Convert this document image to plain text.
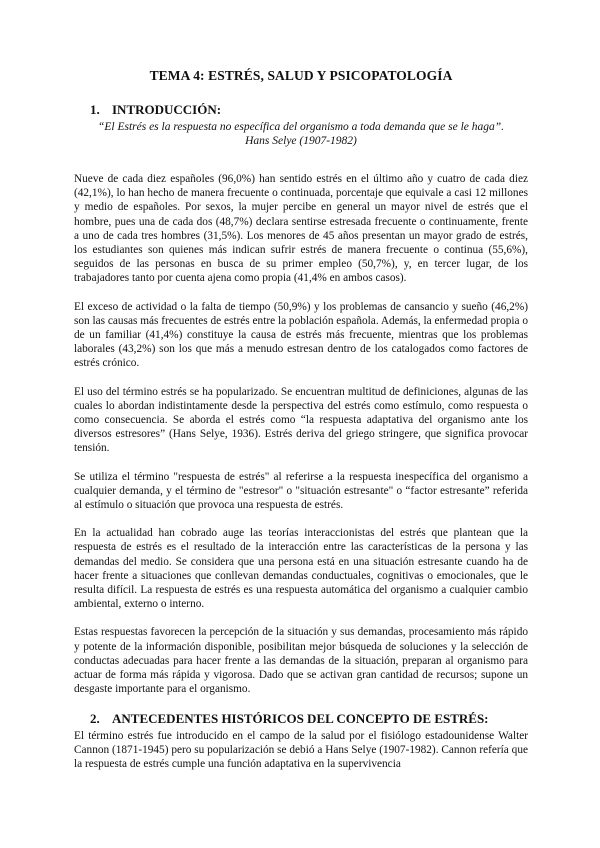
TEMA 4: ESTRÉS, SALUD Y PSICOPATOLOGÍA
1. INTRODUCCIÓN:
“El Estrés es la respuesta no específica del organismo a toda demanda que se le haga”.
Hans Selye (1907-1982)

Nueve de cada diez españoles (96,0%) han sentido estrés en el último año y cuatro de cada diez (42,1%), lo han hecho de manera frecuente o continuada, porcentaje que equivale a casi 12 millones y medio de españoles. Por sexos, la mujer percibe en general un mayor nivel de estrés que el hombre, pues una de cada dos (48,7%) declara sentirse estresada frecuente o continuamente, frente a uno de cada tres hombres (31,5%). Los menores de 45 años presentan un mayor grado de estrés, los estudiantes son quienes más indican sufrir estrés de manera frecuente o continua (55,6%), seguidos de las personas en busca de su primer empleo (50,7%), y, en tercer lugar, de los trabajadores tanto por cuenta ajena como propia (41,4% en ambos casos).

El exceso de actividad o la falta de tiempo (50,9%) y los problemas de cansancio y sueño (46,2%) son las causas más frecuentes de estrés entre la población española. Además, la enfermedad propia o de un familiar (41,4%) constituye la causa de estrés más frecuente, mientras que los problemas laborales (43,2%) son los que más a menudo estresan dentro de los catalogados como factores de estrés crónico.

El uso del término estrés se ha popularizado. Se encuentran multitud de definiciones, algunas de las cuales lo abordan indistintamente desde la perspectiva del estrés como estímulo, como respuesta o como consecuencia. Se aborda el estrés como “la respuesta adaptativa del organismo ante los diversos estresores” (Hans Selye, 1936). Estrés deriva del griego stringere, que significa provocar tensión.

Se utiliza el término "respuesta de estrés" al referirse a la respuesta inespecífica del organismo a cualquier demanda, y el término de "estresor" o "situación estresante" o “factor estresante” referida al estímulo o situación que provoca una respuesta de estrés.

En la actualidad han cobrado auge las teorías interaccionistas del estrés que plantean que la respuesta de estrés es el resultado de la interacción entre las características de la persona y las demandas del medio. Se considera que una persona está en una situación estresante cuando ha de hacer frente a situaciones que conllevan demandas conductuales, cognitivas o emocionales, que le resulta difícil. La respuesta de estrés es una respuesta automática del organismo a cualquier cambio ambiental, externo o interno.

Estas respuestas favorecen la percepción de la situación y sus demandas, procesamiento más rápido y potente de la información disponible, posibilitan mejor búsqueda de soluciones y la selección de conductas adecuadas para hacer frente a las demandas de la situación, preparan al organismo para actuar de forma más rápida y vigorosa. Dado que se activan gran cantidad de recursos; supone un desgaste importante para el organismo.

2. ANTECEDENTES HISTÓRICOS DEL CONCEPTO DE ESTRÉS:

El término estrés fue introducido en el campo de la salud por el fisiólogo estadounidense Walter Cannon (1871-1945) pero su popularización se debió a Hans Selye (1907-1982). Cannon refería que la respuesta de estrés cumple una función adaptativa en la supervivencia
